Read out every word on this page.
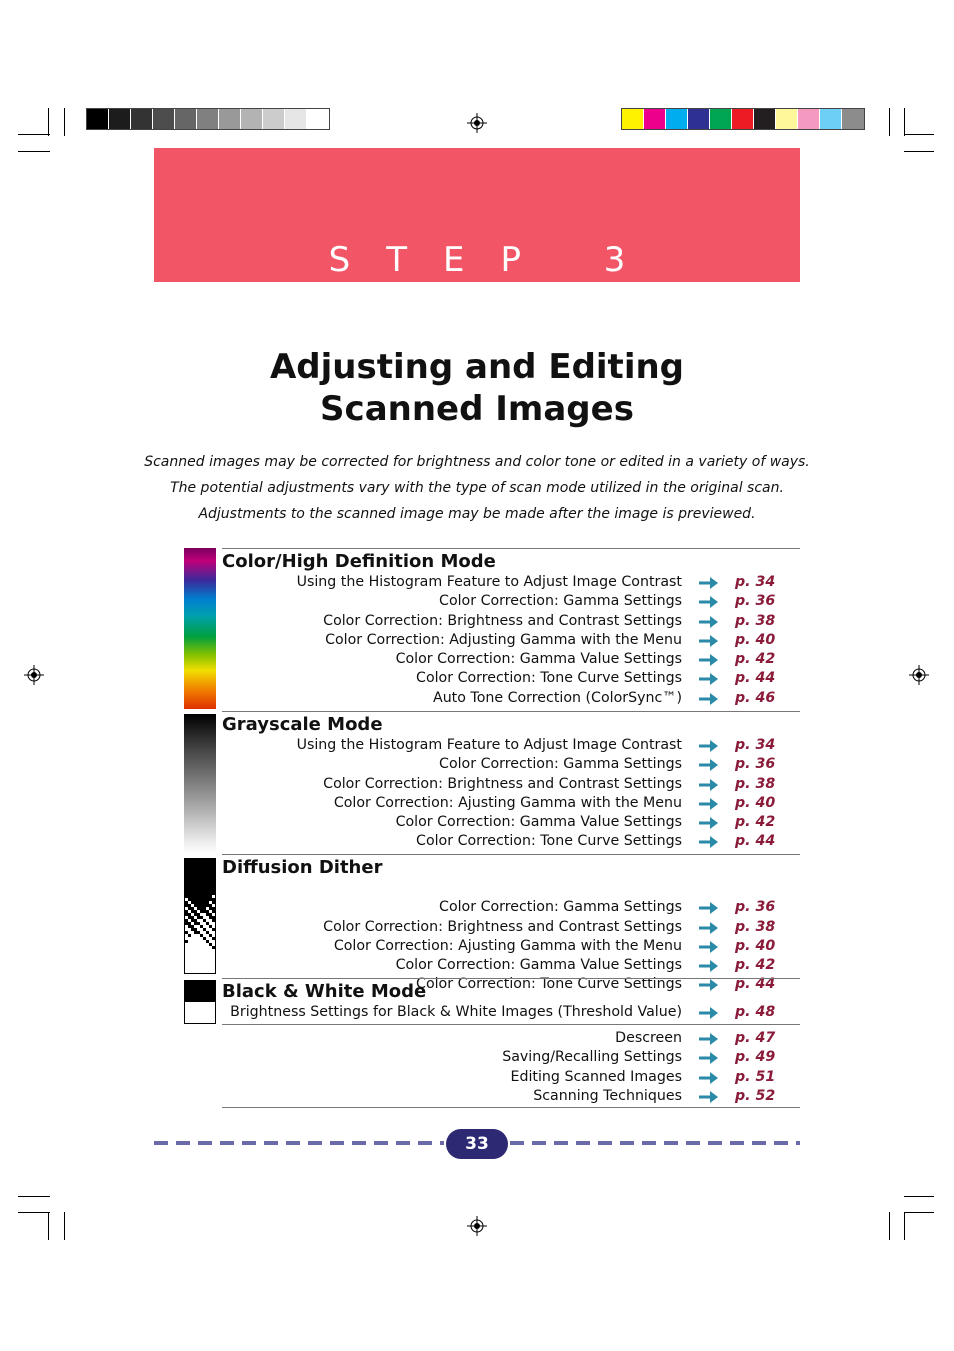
STEP 3
Adjusting and Editing
Scanned Images
Scanned images may be corrected for brightness and color tone or edited in a variety of ways.
The potential adjustments vary with the type of scan mode utilized in the original scan.
Adjustments to the scanned image may be made after the image is previewed.
Color/High Definition Mode
Using the Histogram Feature to Adjust Image Contrast	p. 34
Color Correction: Gamma Settings	p. 36
Color Correction: Brightness and Contrast Settings	p. 38
Color Correction: Adjusting Gamma with the Menu	p. 40
Color Correction: Gamma Value Settings	p. 42
Color Correction: Tone Curve Settings	p. 44
Auto Tone Correction (ColorSync™)	p. 46
Grayscale Mode
Using the Histogram Feature to Adjust Image Contrast	p. 34
Color Correction: Gamma Settings	p. 36
Color Correction: Brightness and Contrast Settings	p. 38
Color Correction: Ajusting Gamma with the Menu	p. 40
Color Correction: Gamma Value Settings	p. 42
Color Correction: Tone Curve Settings	p. 44
Diffusion Dither
Color Correction: Gamma Settings	p. 36
Color Correction: Brightness and Contrast Settings	p. 38
Color Correction: Ajusting Gamma with the Menu	p. 40
Color Correction: Gamma Value Settings	p. 42
Color Correction: Tone Curve Settings	p. 44
Black & White Mode
Brightness Settings for Black & White Images (Threshold Value)	p. 48
Descreen	p. 47
Saving/Recalling Settings	p. 49
Editing Scanned Images	p. 51
Scanning Techniques	p. 52
33
